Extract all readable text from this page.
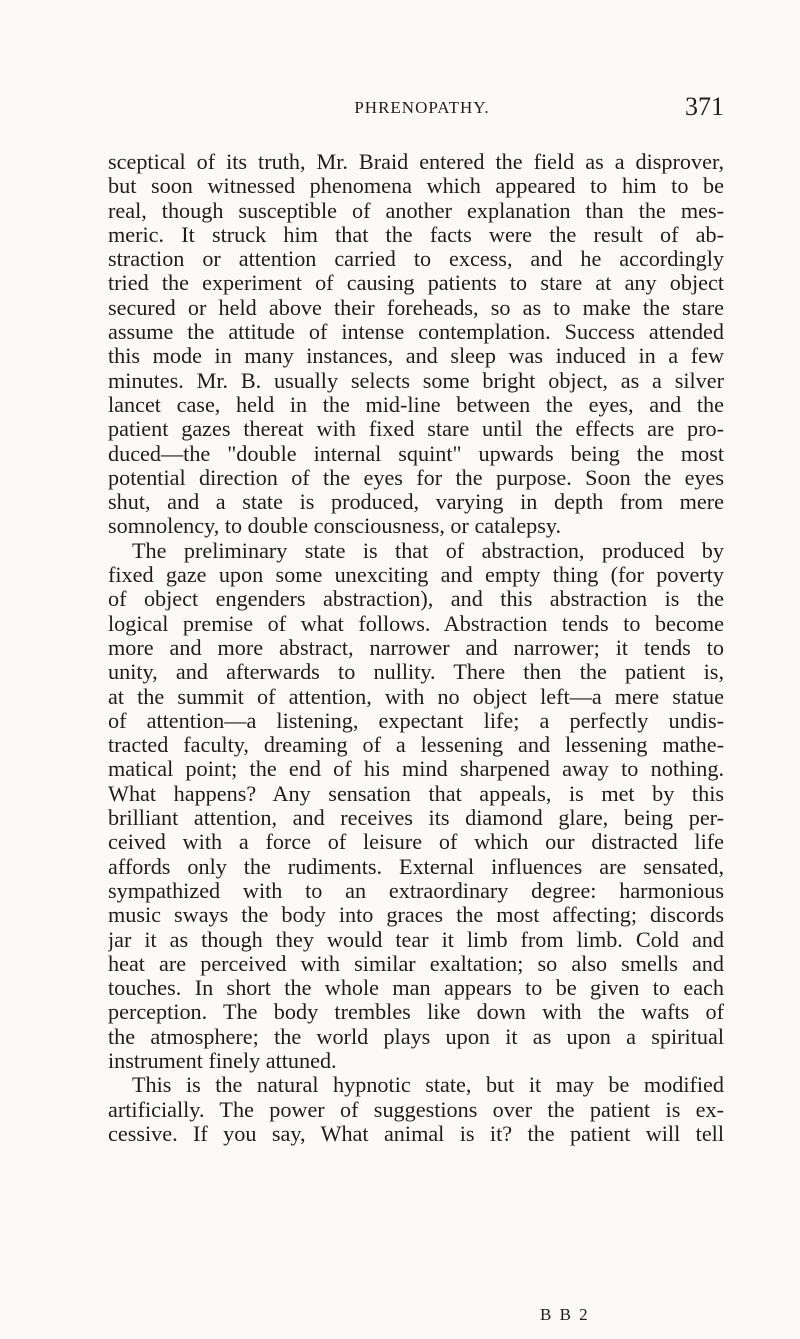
PHRENOPATHY.	371
sceptical of its truth, Mr. Braid entered the field as a disprover,
but soon witnessed phenomena which appeared to him to be
real, though susceptible of another explanation than the mes-
meric. It struck him that the facts were the result of ab-
straction or attention carried to excess, and he accordingly
tried the experiment of causing patients to stare at any object
secured or held above their foreheads, so as to make the stare
assume the attitude of intense contemplation. Success attended
this mode in many instances, and sleep was induced in a few
minutes. Mr. B. usually selects some bright object, as a silver
lancet case, held in the mid-line between the eyes, and the
patient gazes thereat with fixed stare until the effects are pro-
duced—the "double internal squint" upwards being the most
potential direction of the eyes for the purpose. Soon the eyes
shut, and a state is produced, varying in depth from mere
somnolency, to double consciousness, or catalepsy.
The preliminary state is that of abstraction, produced by
fixed gaze upon some unexciting and empty thing (for poverty
of object engenders abstraction), and this abstraction is the
logical premise of what follows. Abstraction tends to become
more and more abstract, narrower and narrower; it tends to
unity, and afterwards to nullity. There then the patient is,
at the summit of attention, with no object left—a mere statue
of attention—a listening, expectant life; a perfectly undis-
tracted faculty, dreaming of a lessening and lessening mathe-
matical point; the end of his mind sharpened away to nothing.
What happens? Any sensation that appeals, is met by this
brilliant attention, and receives its diamond glare, being per-
ceived with a force of leisure of which our distracted life
affords only the rudiments. External influences are sensated,
sympathized with to an extraordinary degree: harmonious
music sways the body into graces the most affecting; discords
jar it as though they would tear it limb from limb. Cold and
heat are perceived with similar exaltation; so also smells and
touches. In short the whole man appears to be given to each
perception. The body trembles like down with the wafts of
the atmosphere; the world plays upon it as upon a spiritual
instrument finely attuned.
This is the natural hypnotic state, but it may be modified
artificially. The power of suggestions over the patient is ex-
cessive. If you say, What animal is it? the patient will tell
B B 2
